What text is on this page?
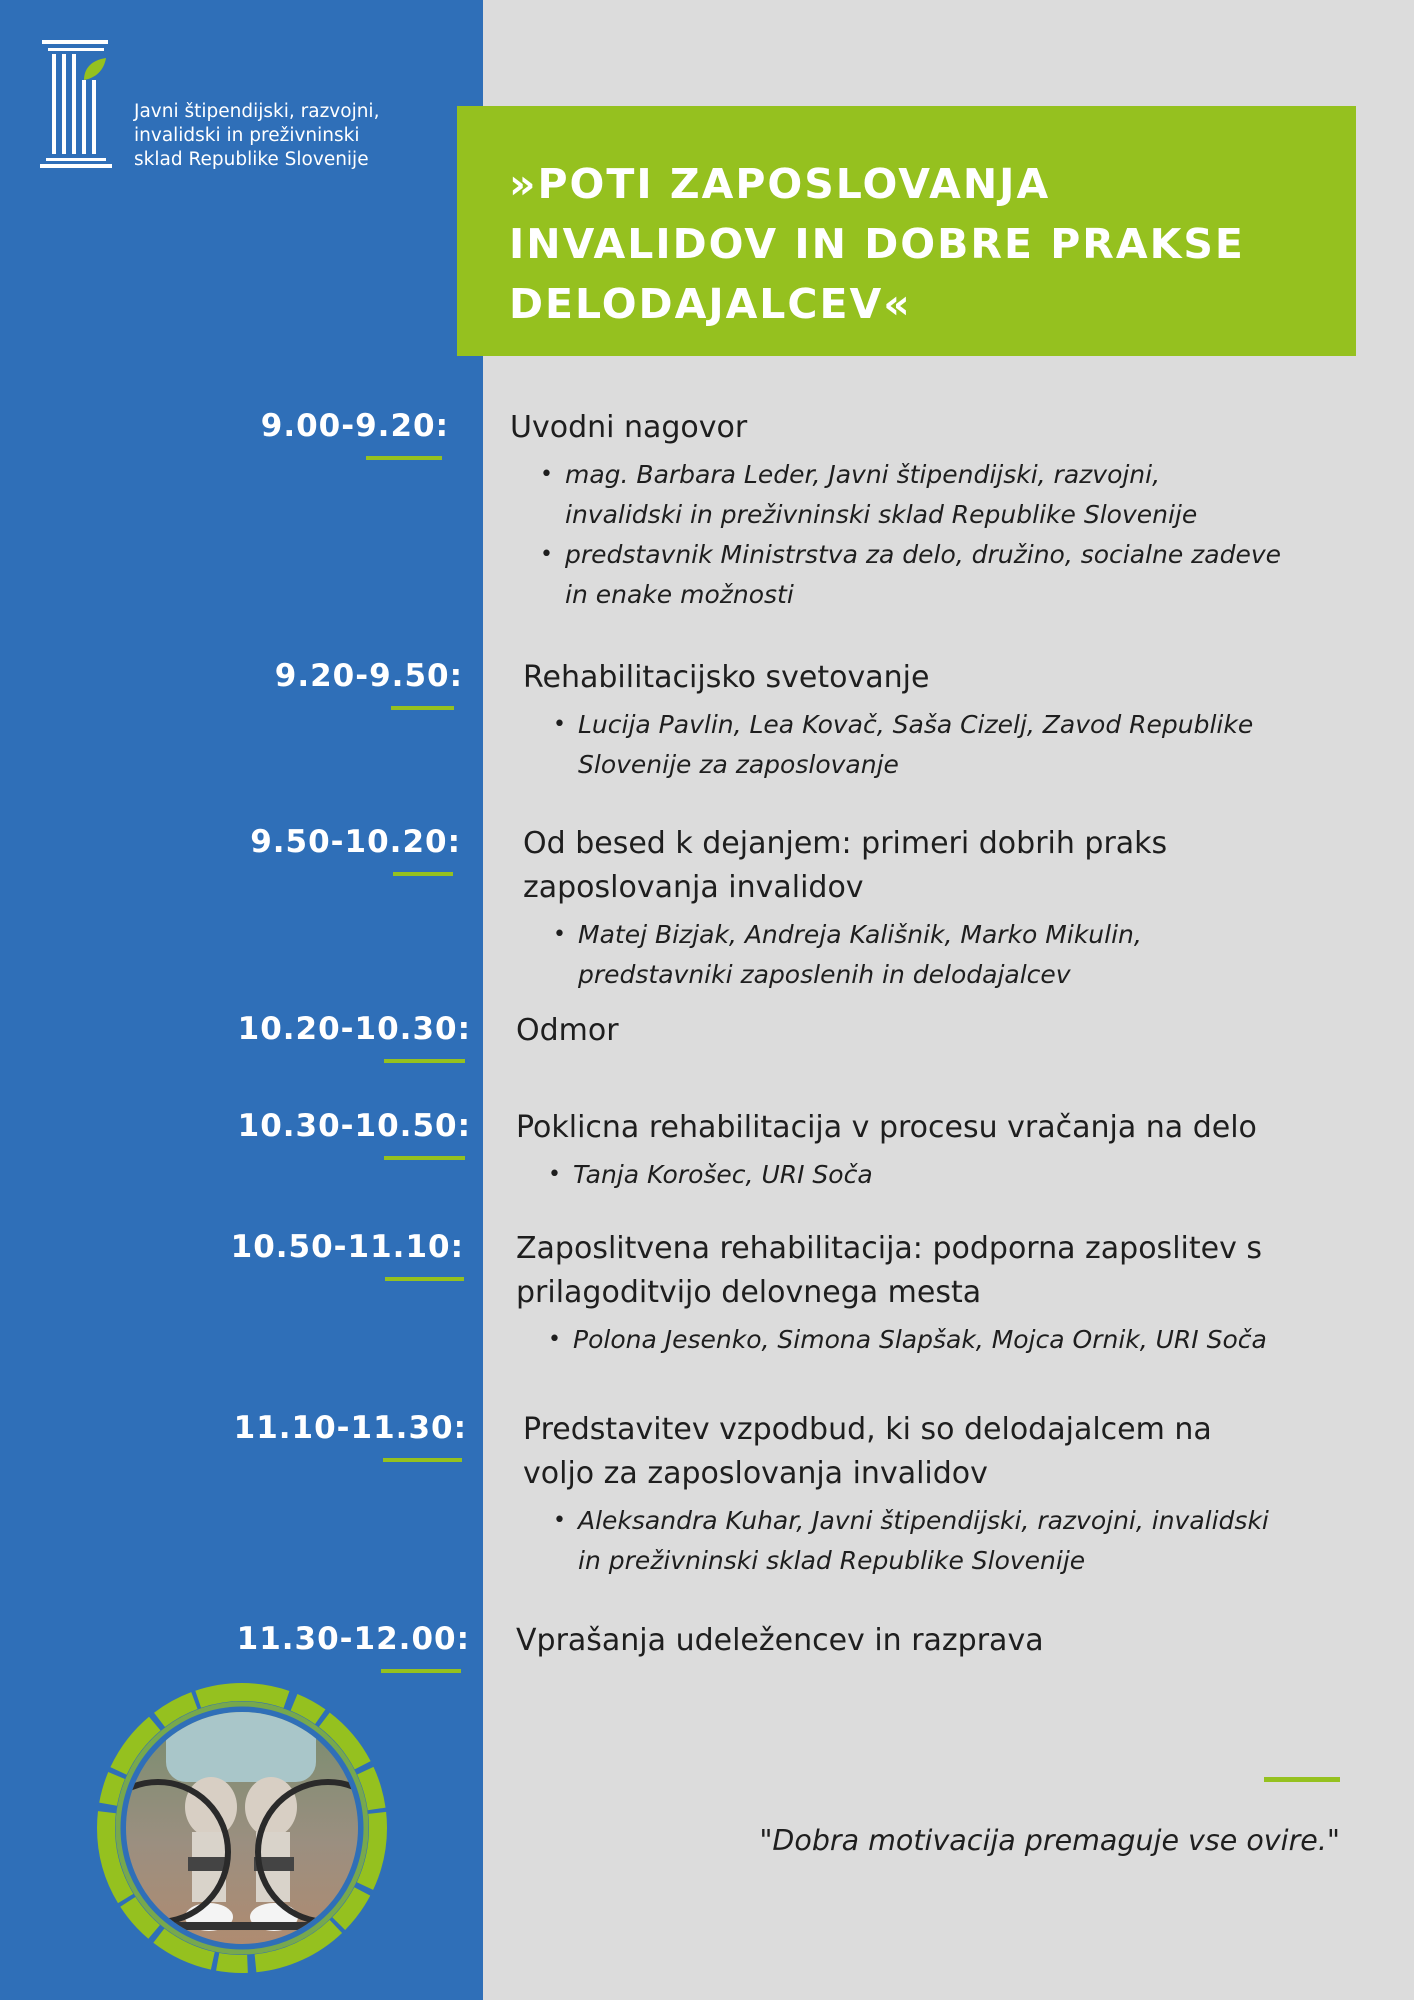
Javni štipendijski, razvojni,
invalidski in preživninski
sklad Republike Slovenije
»POTI ZAPOSLOVANJA
INVALIDOV IN DOBRE PRAKSE
DELODAJALCEV«
9.00-9.20: Uvodni nagovor
• mag. Barbara Leder, Javni štipendijski, razvojni,
invalidski in preživninski sklad Republike Slovenije
• predstavnik Ministrstva za delo, družino, socialne zadeve
in enake možnosti
9.20-9.50: Rehabilitacijsko svetovanje
• Lucija Pavlin, Lea Kovač, Saša Cizelj, Zavod Republike
Slovenije za zaposlovanje
9.50-10.20: Od besed k dejanjem: primeri dobrih praks
zaposlovanja invalidov
• Matej Bizjak, Andreja Kališnik, Marko Mikulin,
predstavniki zaposlenih in delodajalcev
10.20-10.30: Odmor
10.30-10.50: Poklicna rehabilitacija v procesu vračanja na delo
• Tanja Korošec, URI Soča
10.50-11.10: Zaposlitvena rehabilitacija: podporna zaposlitev s
prilagoditvijo delovnega mesta
• Polona Jesenko, Simona Slapšak, Mojca Ornik, URI Soča
11.10-11.30: Predstavitev vzpodbud, ki so delodajalcem na
voljo za zaposlovanja invalidov
• Aleksandra Kuhar, Javni štipendijski, razvojni, invalidski
in preživninski sklad Republike Slovenije
11.30-12.00: Vprašanja udeležencev in razprava
"Dobra motivacija premaguje vse ovire."
